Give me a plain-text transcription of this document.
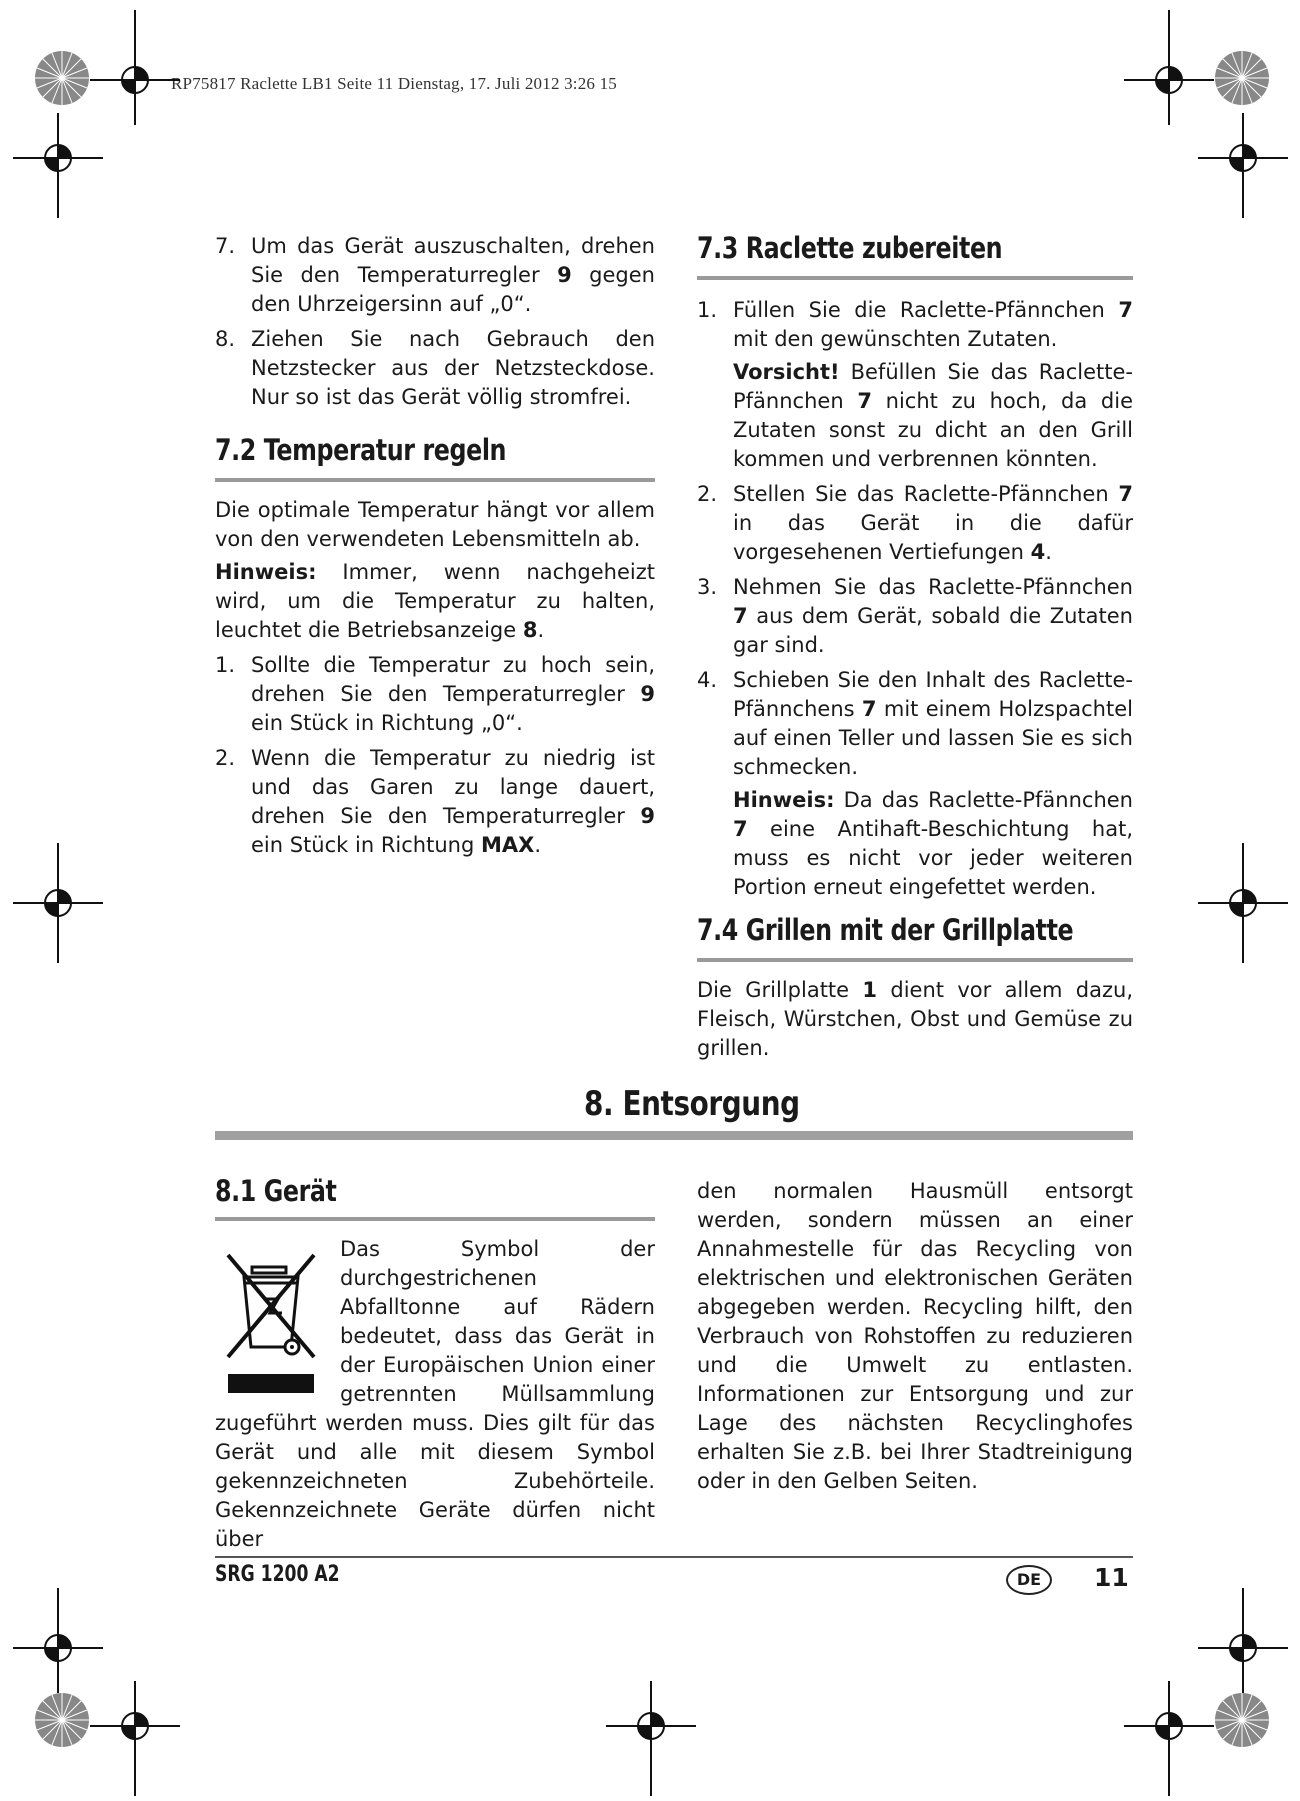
RP75817 Raclette LB1 Seite 11 Dienstag, 17. Juli 2012 3:26 15

7. Um das Gerät auszuschalten, drehen Sie den Temperaturregler 9 gegen den Uhrzeigersinn auf „0“.

8. Ziehen Sie nach Gebrauch den Netzstecker aus der Netzsteckdose. Nur so ist das Gerät völlig stromfrei.

7.2 Temperatur regeln

Die optimale Temperatur hängt vor allem von den verwendeten Lebensmitteln ab.

Hinweis: Immer, wenn nachgeheizt wird, um die Temperatur zu halten, leuchtet die Betriebsanzeige 8.

1. Sollte die Temperatur zu hoch sein, drehen Sie den Temperaturregler 9 ein Stück in Richtung „0“.

2. Wenn die Temperatur zu niedrig ist und das Garen zu lange dauert, drehen Sie den Temperaturregler 9 ein Stück in Richtung MAX.

7.3 Raclette zubereiten

1. Füllen Sie die Raclette-Pfännchen 7 mit den gewünschten Zutaten.

Vorsicht! Befüllen Sie das Raclette-Pfännchen 7 nicht zu hoch, da die Zutaten sonst zu dicht an den Grill kommen und verbrennen könnten.

2. Stellen Sie das Raclette-Pfännchen 7 in das Gerät in die dafür vorgesehenen Vertiefungen 4.

3. Nehmen Sie das Raclette-Pfännchen 7 aus dem Gerät, sobald die Zutaten gar sind.

4. Schieben Sie den Inhalt des Raclette-Pfännchens 7 mit einem Holzspachtel auf einen Teller und lassen Sie es sich schmecken.

Hinweis: Da das Raclette-Pfännchen 7 eine Antihaft-Beschichtung hat, muss es nicht vor jeder weiteren Portion erneut eingefettet werden.

7.4 Grillen mit der Grillplatte

Die Grillplatte 1 dient vor allem dazu, Fleisch, Würstchen, Obst und Gemüse zu grillen.

8. Entsorgung
8.1 Gerät
Das Symbol der durchgestrichenen Abfalltonne auf Rädern bedeutet, dass das Gerät in der Europäischen Union einer getrennten Müllsammlung zugeführt werden muss. Dies gilt für das Gerät und alle mit diesem Symbol gekennzeichneten Zubehörteile. Gekennzeichnete Geräte dürfen nicht über
den normalen Hausmüll entsorgt werden, sondern müssen an einer Annahmestelle für das Recycling von elektrischen und elektronischen Geräten abgegeben werden. Recycling hilft, den Verbrauch von Rohstoffen zu reduzieren und die Umwelt zu entlasten. Informationen zur Entsorgung und zur Lage des nächsten Recyclinghofes erhalten Sie z.B. bei Ihrer Stadtreinigung oder in den Gelben Seiten.
SRG 1200 A2	DE	11
